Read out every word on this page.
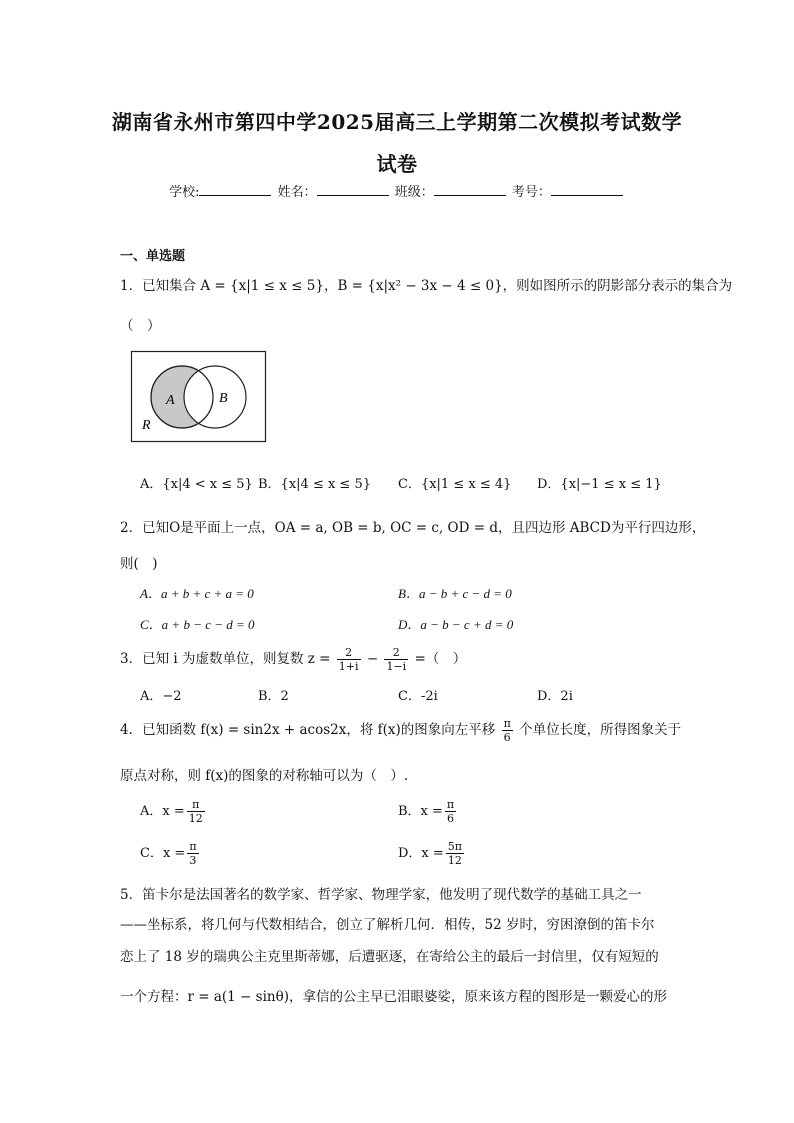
湖南省永州市第四中学2025届高三上学期第二次模拟考试数学
试卷
学校:	姓名：	班级：	考号：
一、单选题
1．已知集合 A = {x|1 ≤ x ≤ 5}，B = {x|x² − 3x − 4 ≤ 0}，则如图所示的阴影部分表示的集合为
（　）
A	B
R
A．{x|4 < x ≤ 5} B．{x|4 ≤ x ≤ 5} C．{x|1 ≤ x ≤ 4} D．{x|−1 ≤ x ≤ 1}
2．已知O是平面上一点，OA = a, OB = b, OC = c, OD = d，且四边形 ABCD为平行四边形，
则(　)
A．a + b + c + a = 0	B．a − b + c − d = 0
C．a + b − c − d = 0	D．a − b − c + d = 0
3．已知 i 为虚数单位，则复数 $z = \frac{2}{1+i} - \frac{2}{1-i}$ =（　）
A．−2	B．2	C．-2i	D．2i
4．已知函数 f(x) = sin2x + acos2x，将 f(x)的图象向左平移 $\frac{\pi}{6}$ 个单位长度，所得图象关于
原点对称，则 f(x)的图象的对称轴可以为（　）.
A．$x = \frac{\pi}{12}$	B．$x = \frac{\pi}{6}$
C．$x = \frac{\pi}{3}$	D．$x = \frac{5\pi}{12}$
5．笛卡尔是法国著名的数学家、哲学家、物理学家，他发明了现代数学的基础工具之一
——坐标系，将几何与代数相结合，创立了解析几何．相传，52 岁时，穷困潦倒的笛卡尔
恋上了 18 岁的瑞典公主克里斯蒂娜，后遭驱逐，在寄给公主的最后一封信里，仅有短短的
一个方程：r = a(1 − sinθ)，拿信的公主早已泪眼婆娑，原来该方程的图形是一颗爱心的形
